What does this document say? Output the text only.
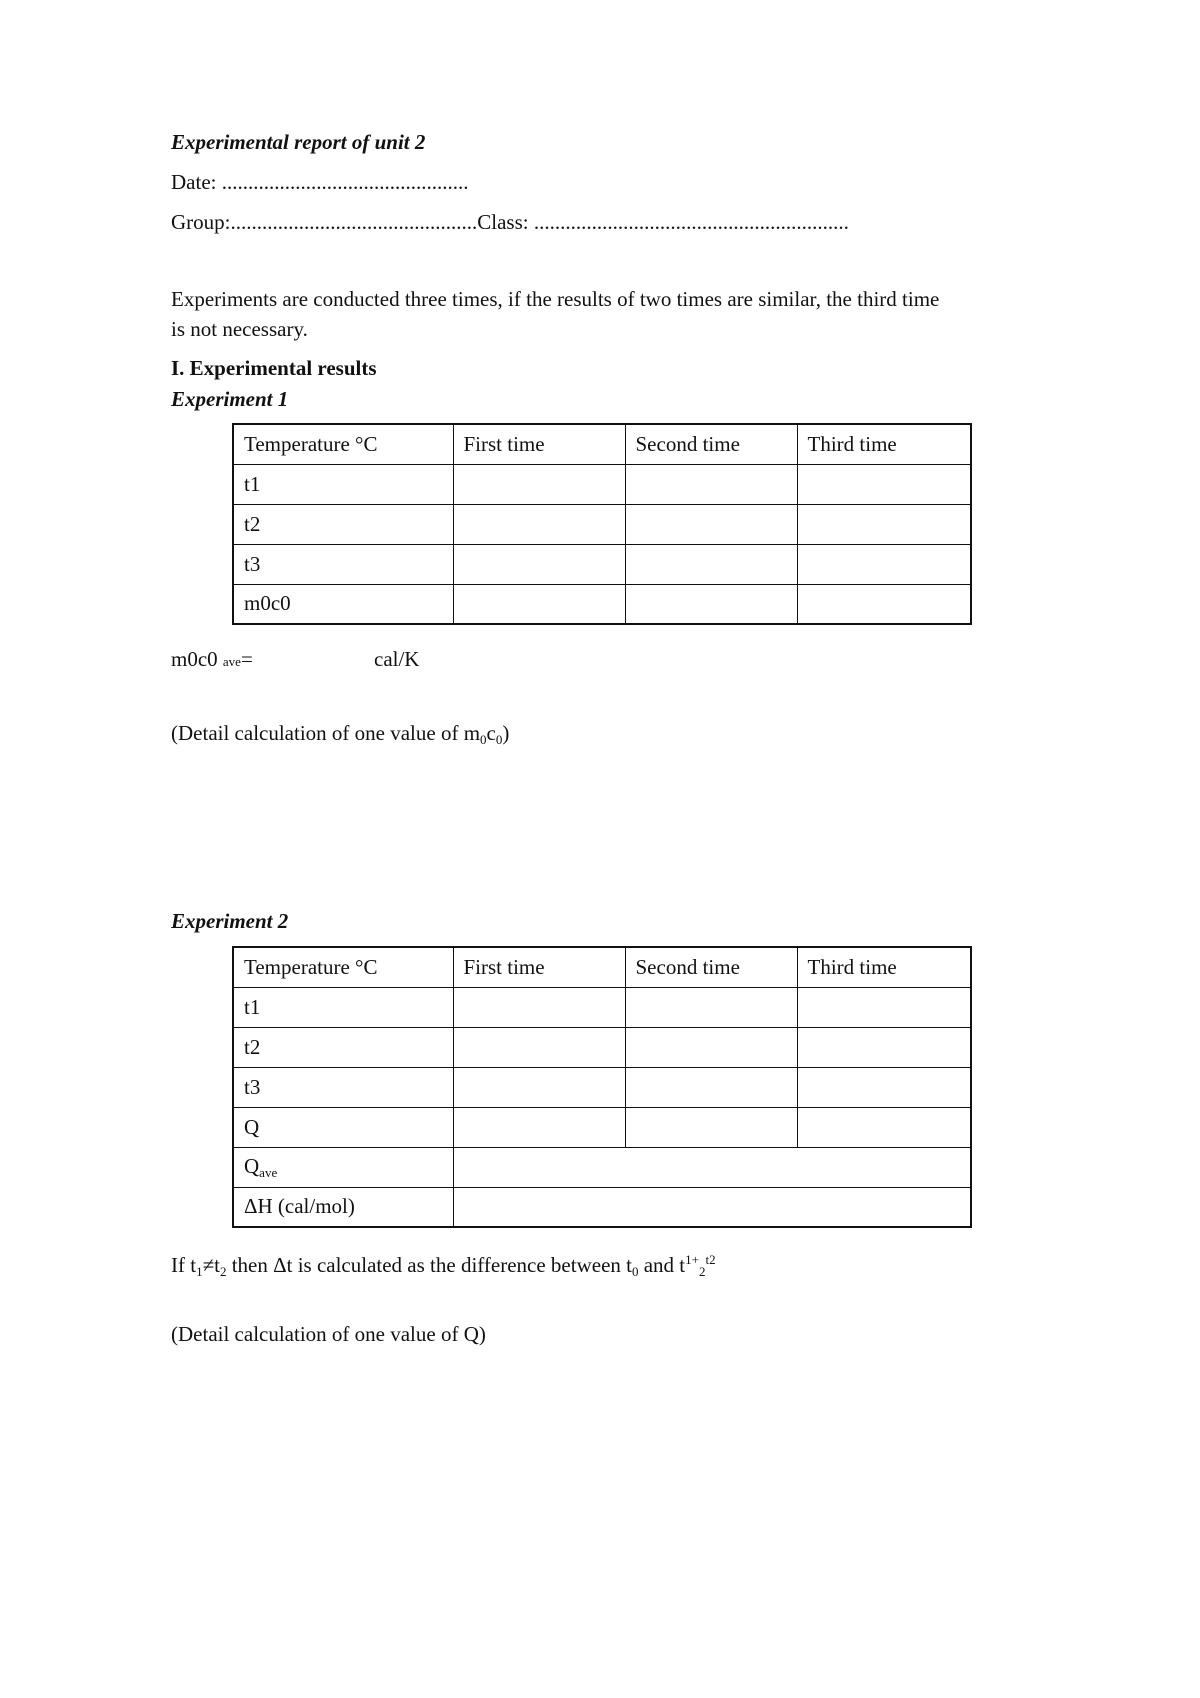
Experimental report of unit 2
Date: ...............................................
Group:...............................................Class: ............................................................
Experiments are conducted three times, if the results of two times are similar, the third time
is not necessary.
I. Experimental results
Experiment 1
Temperature °C	First time	Second time	Third time
t1			
t2			
t3			
m0c0			
m0c0 ave=	cal/K
(Detail calculation of one value of $m_0c_0$)
Experiment 2
Temperature °C	First time	Second time	Third time
t1			
t2			
t3			
Q			
$Q_{ave}$	
ΔH (cal/mol)			
If $t_1\ne t_2$ then Δt is calculated as the difference between $t_0$ and $t^{1+}_2^{t2}$
(Detail calculation of one value of Q)
